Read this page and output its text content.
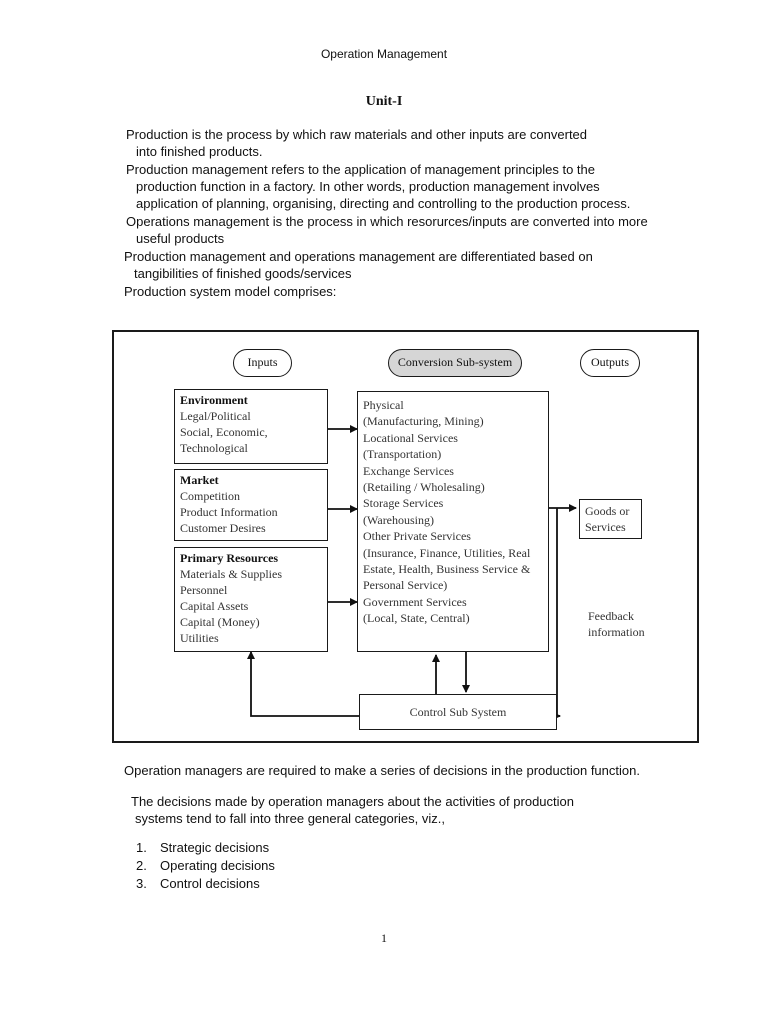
Operation Management
Unit-I
Production is the process by which raw materials and other inputs are converted
into finished products.
Production management refers to the application of management principles to the
production function in a factory. In other words, production management involves
application of planning, organising, directing and controlling to the production process.
Operations management is the process in which resorurces/inputs are converted into more
useful products
Production management and operations management are differentiated based on
tangibilities of finished goods/services
Production system model comprises:
Inputs	Conversion Sub-system	Outputs
Environment
Legal/Political
Social, Economic,
Technological
Market
Competition
Product Information
Customer Desires
Primary Resources
Materials & Supplies
Personnel
Capital Assets
Capital (Money)
Utilities
Physical
(Manufacturing, Mining)
Locational Services
(Transportation)
Exchange Services
(Retailing / Wholesaling)
Storage Services
(Warehousing)
Other Private Services
(Insurance, Finance, Utilities, Real
Estate, Health, Business Service &
Personal Service)
Government Services
(Local, State, Central)
Goods or
Services
Feedback
information
Control Sub System
Operation managers are required to make a series of decisions in the production function.
The decisions made by operation managers about the activities of production
systems tend to fall into three general categories, viz.,
1. Strategic decisions
2. Operating decisions
3. Control decisions
1
